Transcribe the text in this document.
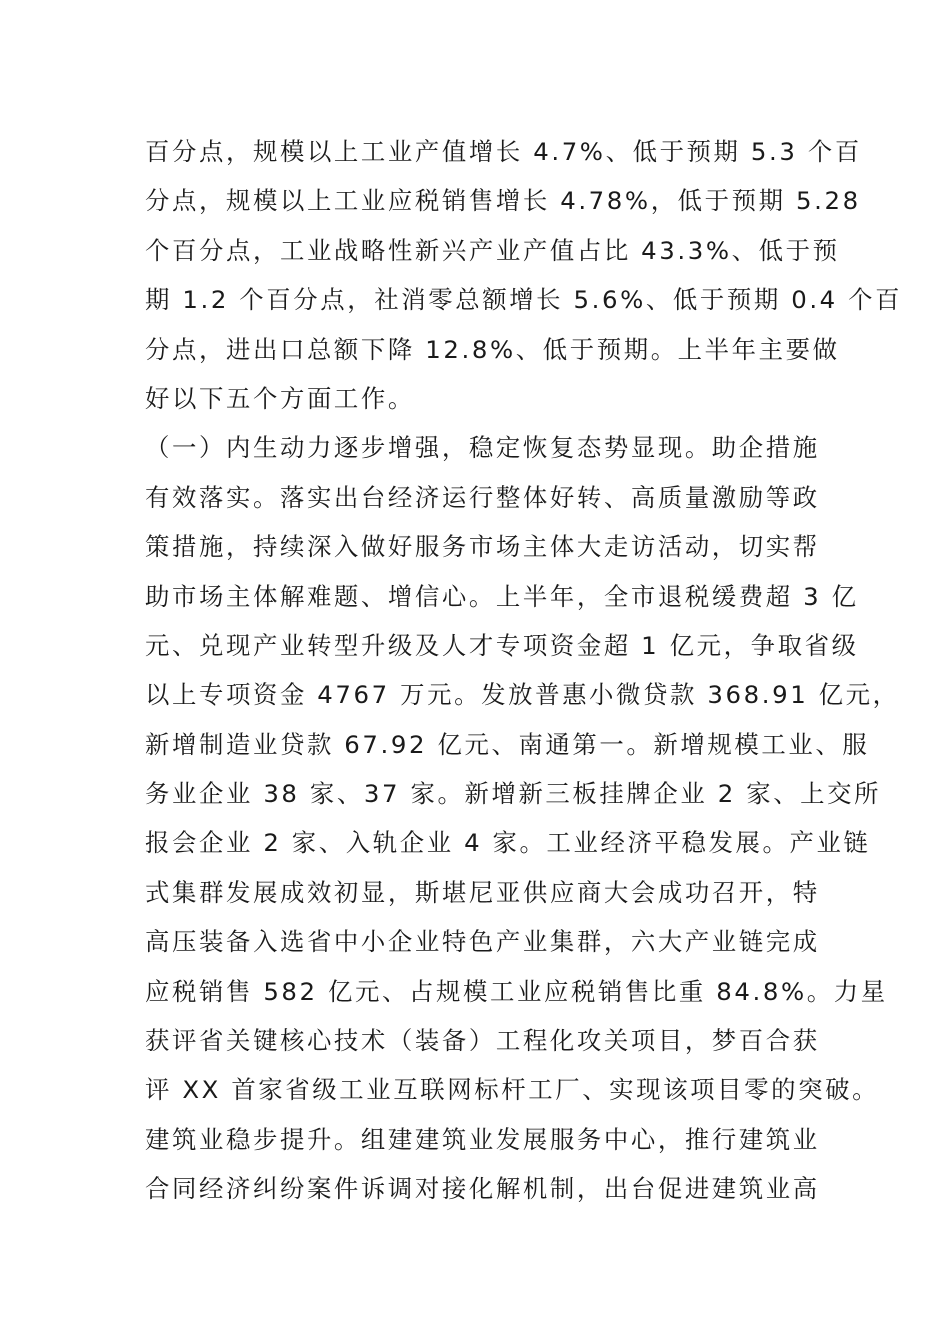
百分点，规模以上工业产值增长 4.7%、低于预期 5.3 个百
分点，规模以上工业应税销售增长 4.78%，低于预期 5.28
个百分点，工业战略性新兴产业产值占比 43.3%、低于预
期 1.2 个百分点，社消零总额增长 5.6%、低于预期 0.4 个百
分点，进出口总额下降 12.8%、低于预期。上半年主要做
好以下五个方面工作。
（一）内生动力逐步增强，稳定恢复态势显现。助企措施
有效落实。落实出台经济运行整体好转、高质量激励等政
策措施，持续深入做好服务市场主体大走访活动，切实帮
助市场主体解难题、增信心。上半年，全市退税缓费超 3 亿
元、兑现产业转型升级及人才专项资金超 1 亿元，争取省级
以上专项资金 4767 万元。发放普惠小微贷款 368.91 亿元，
新增制造业贷款 67.92 亿元、南通第一。新增规模工业、服
务业企业 38 家、37 家。新增新三板挂牌企业 2 家、上交所
报会企业 2 家、入轨企业 4 家。工业经济平稳发展。产业链
式集群发展成效初显，斯堪尼亚供应商大会成功召开，特
高压装备入选省中小企业特色产业集群，六大产业链完成
应税销售 582 亿元、占规模工业应税销售比重 84.8%。力星
获评省关键核心技术（装备）工程化攻关项目，梦百合获
评 XX 首家省级工业互联网标杆工厂、实现该项目零的突破。
建筑业稳步提升。组建建筑业发展服务中心，推行建筑业
合同经济纠纷案件诉调对接化解机制，出台促进建筑业高
